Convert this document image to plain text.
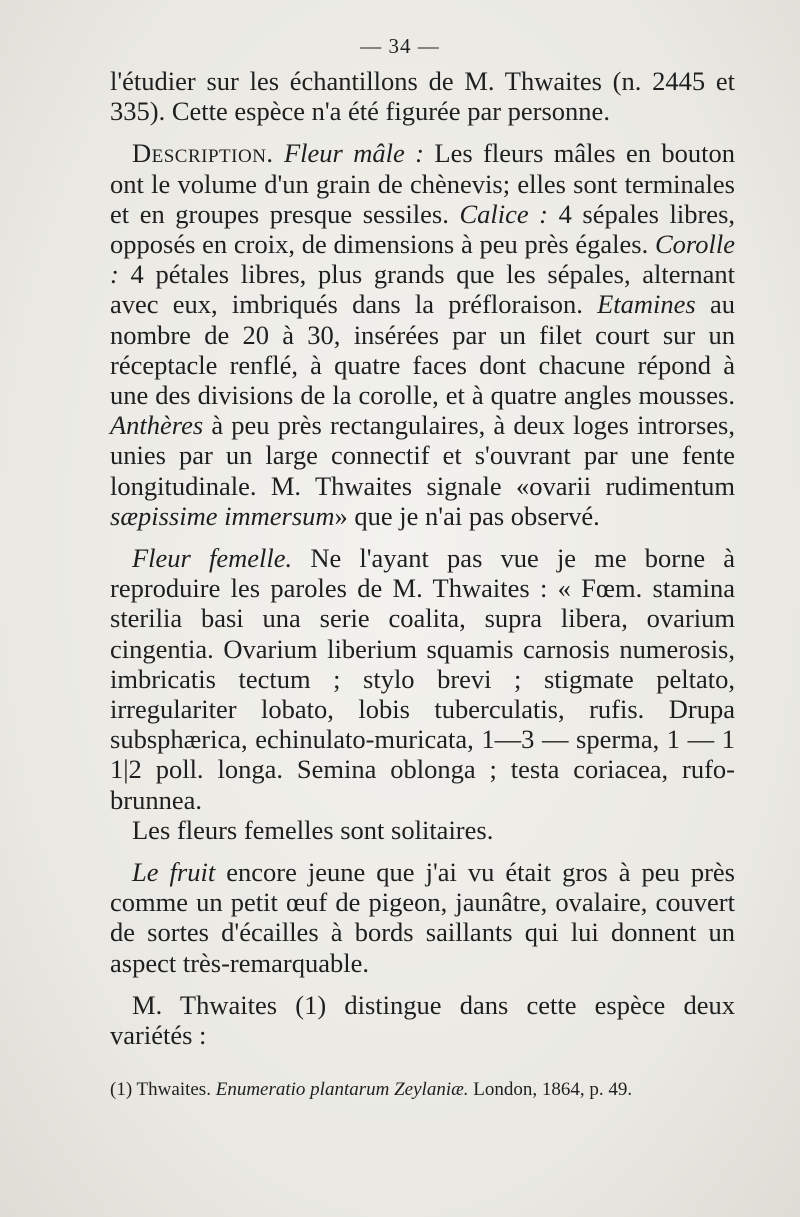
— 34 —

l'étudier sur les échantillons de M. Thwaites (n. 2445 et 335). Cette espèce n'a été figurée par personne.

Description. Fleur mâle : Les fleurs mâles en bouton ont le volume d'un grain de chènevis; elles sont terminales et en groupes presque sessiles. Calice : 4 sépales libres, opposés en croix, de dimensions à peu près égales. Corolle : 4 pétales libres, plus grands que les sépales, alternant avec eux, imbriqués dans la préfloraison. Etamines au nombre de 20 à 30, insérées par un filet court sur un réceptacle renflé, à quatre faces dont chacune répond à une des divisions de la corolle, et à quatre angles mousses. Anthères à peu près rectangulaires, à deux loges introrses, unies par un large connectif et s'ouvrant par une fente longitudinale. M. Thwaites signale «ovarii rudimentum sæpissime immersum» que je n'ai pas observé.

Fleur femelle. Ne l'ayant pas vue je me borne à reproduire les paroles de M. Thwaites : « Fœm. stamina sterilia basi una serie coalita, supra libera, ovarium cingentia. Ovarium liberium squamis carnosis numerosis, imbricatis tectum ; stylo brevi ; stigmate peltato, irregulariter lobato, lobis tuberculatis, rufis. Drupa subsphærica, echinulato-muricata, 1—3 — sperma, 1 — 1 1|2 poll. longa. Semina oblonga ; testa coriacea, rufo-brunnea.

Les fleurs femelles sont solitaires.

Le fruit encore jeune que j'ai vu était gros à peu près comme un petit œuf de pigeon, jaunâtre, ovalaire, couvert de sortes d'écailles à bords saillants qui lui donnent un aspect très-remarquable.

M. Thwaites (1) distingue dans cette espèce deux variétés :

(1) Thwaites. Enumeratio plantarum Zeylaniæ. London, 1864, p. 49.
